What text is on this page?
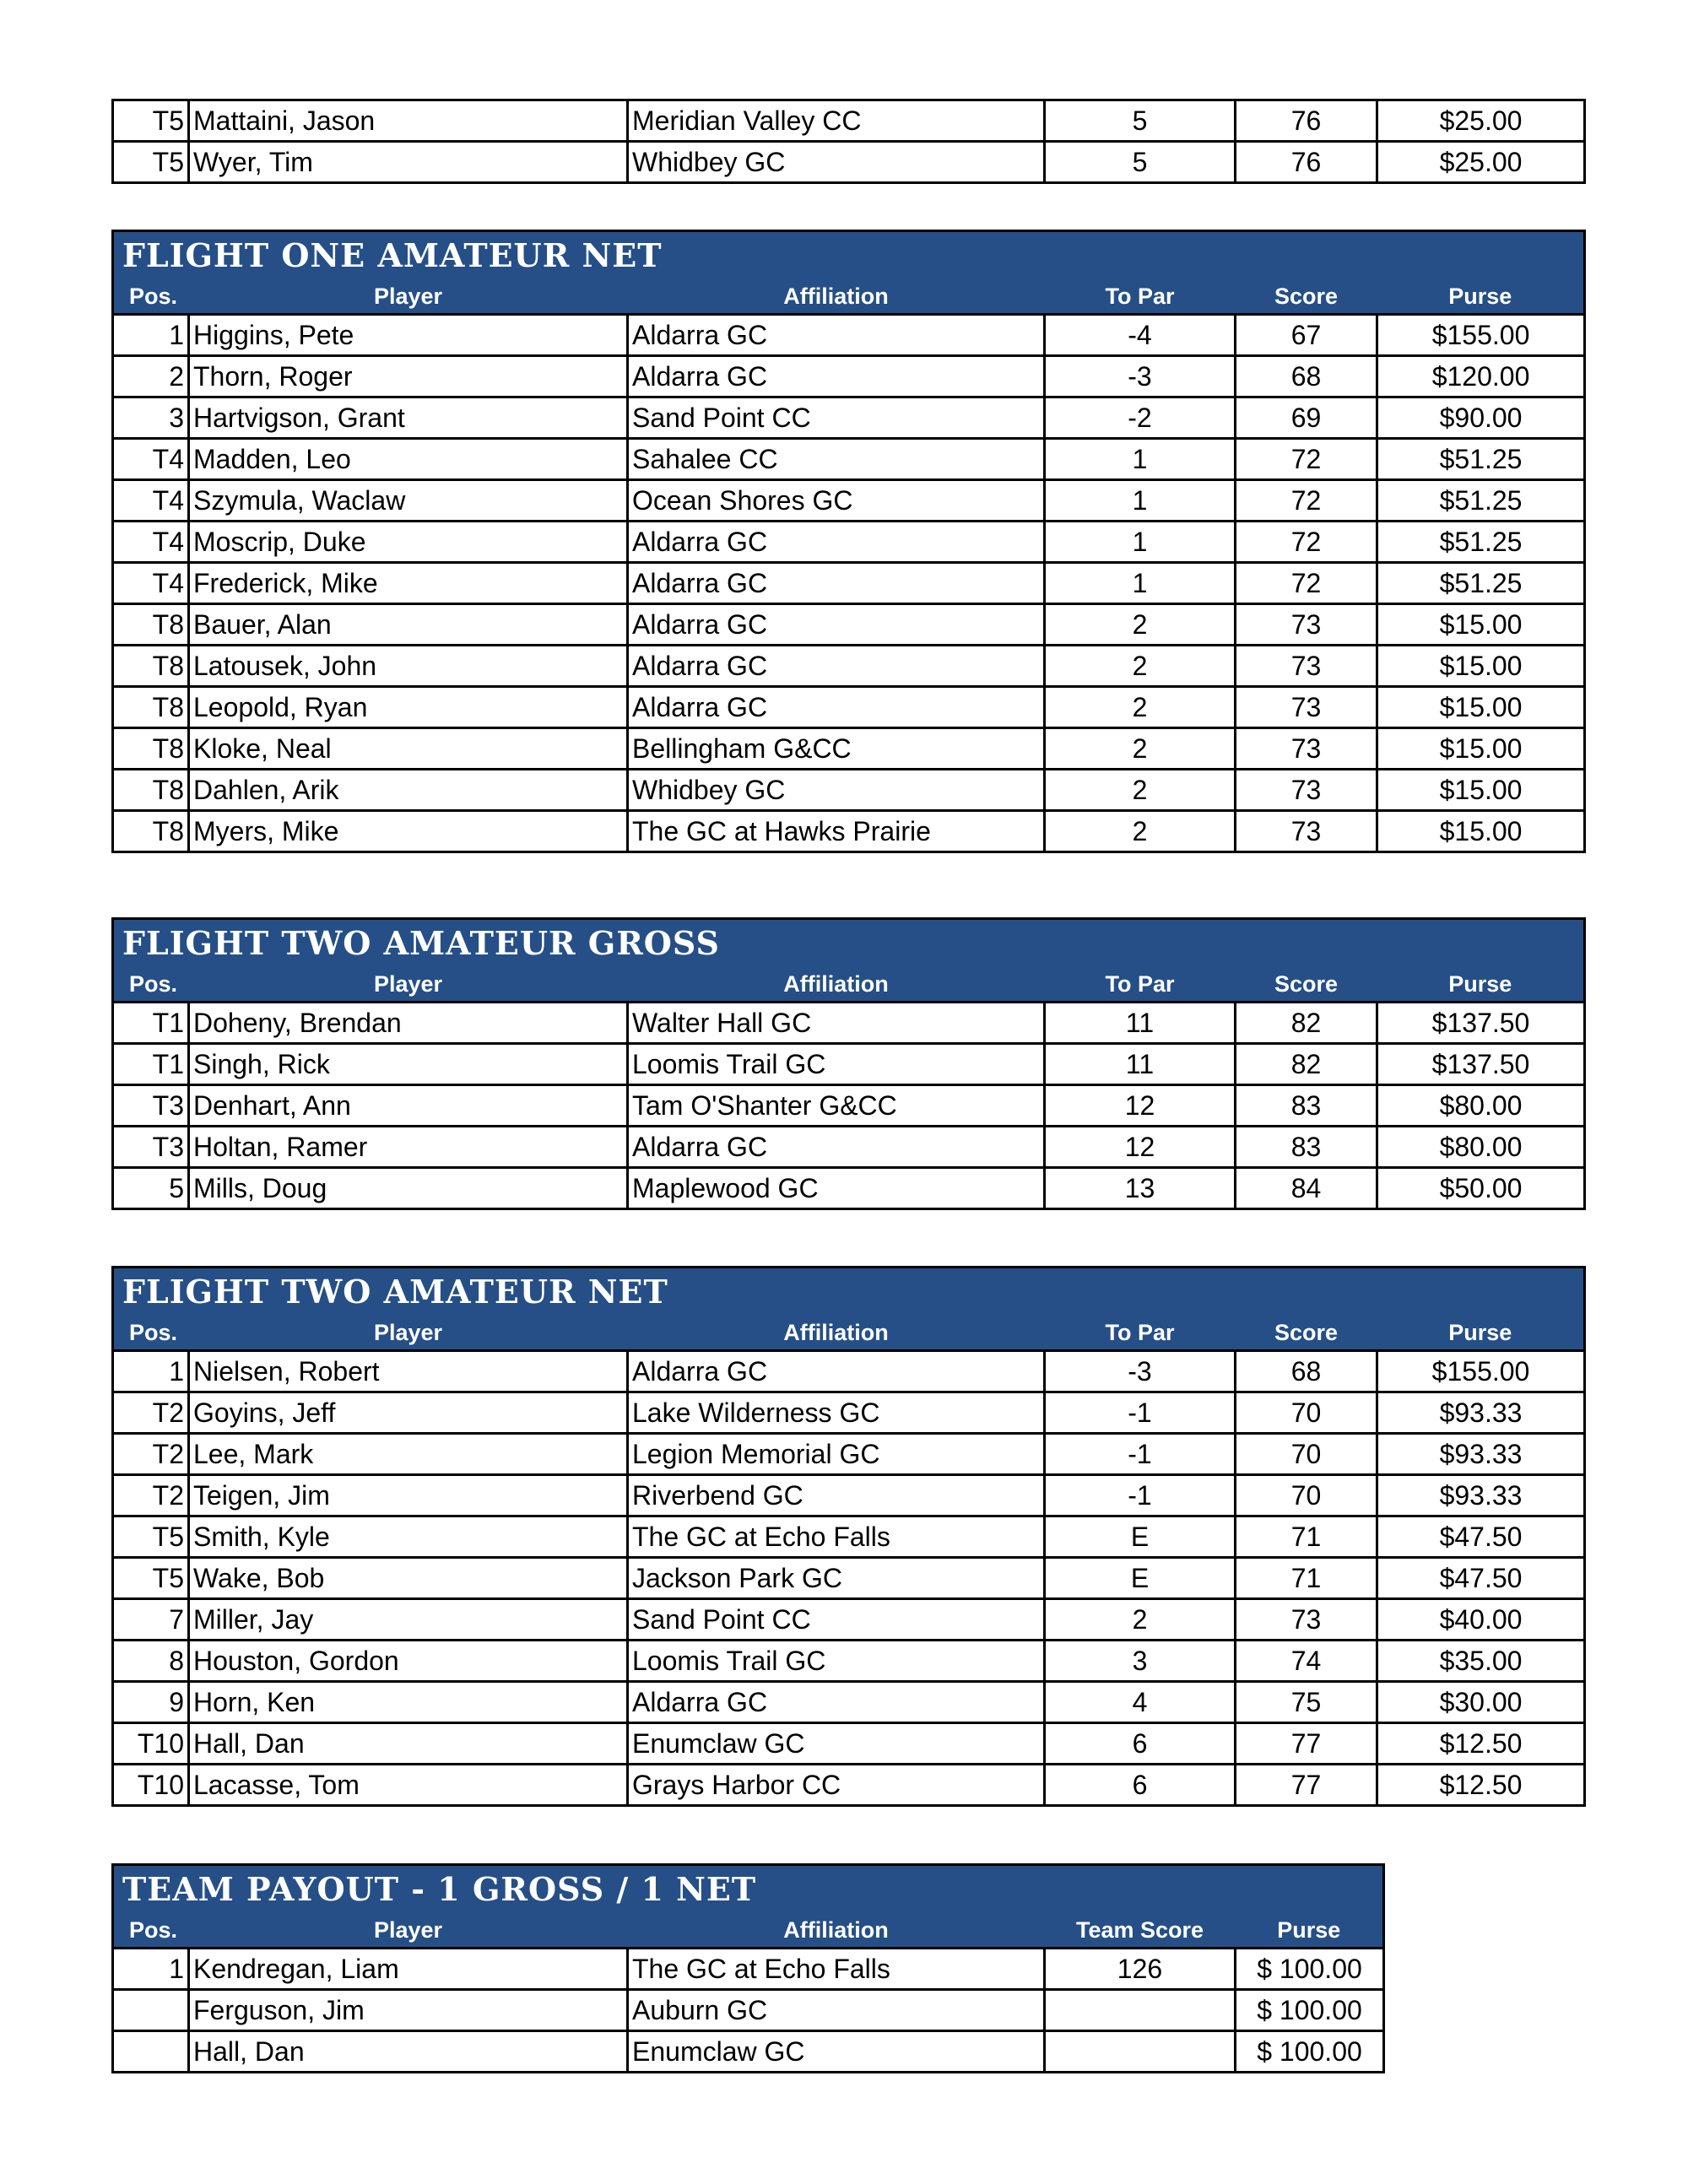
T5	Mattaini, Jason	Meridian Valley CC	5	76	$25.00
T5	Wyer, Tim	Whidbey GC	5	76	$25.00
FLIGHT ONE AMATEUR NET					
Pos.	Player	Affiliation	To Par	Score	Purse
1	Higgins, Pete	Aldarra GC	-4	67	$155.00
2	Thorn, Roger	Aldarra GC	-3	68	$120.00
3	Hartvigson, Grant	Sand Point CC	-2	69	$90.00
T4	Madden, Leo	Sahalee CC	1	72	$51.25
T4	Szymula, Waclaw	Ocean Shores GC	1	72	$51.25
T4	Moscrip, Duke	Aldarra GC	1	72	$51.25
T4	Frederick, Mike	Aldarra GC	1	72	$51.25
T8	Bauer, Alan	Aldarra GC	2	73	$15.00
T8	Latousek, John	Aldarra GC	2	73	$15.00
T8	Leopold, Ryan	Aldarra GC	2	73	$15.00
T8	Kloke, Neal	Bellingham G&CC	2	73	$15.00
T8	Dahlen, Arik	Whidbey GC	2	73	$15.00
T8	Myers, Mike	The GC at Hawks Prairie	2	73	$15.00
FLIGHT TWO AMATEUR GROSS					
Pos.	Player	Affiliation	To Par	Score	Purse
T1	Doheny, Brendan	Walter Hall GC	11	82	$137.50
T1	Singh, Rick	Loomis Trail GC	11	82	$137.50
T3	Denhart, Ann	Tam O'Shanter G&CC	12	83	$80.00
T3	Holtan, Ramer	Aldarra GC	12	83	$80.00
5	Mills, Doug	Maplewood GC	13	84	$50.00
FLIGHT TWO AMATEUR NET					
Pos.	Player	Affiliation	To Par	Score	Purse
1	Nielsen, Robert	Aldarra GC	-3	68	$155.00
T2	Goyins, Jeff	Lake Wilderness GC	-1	70	$93.33
T2	Lee, Mark	Legion Memorial GC	-1	70	$93.33
T2	Teigen, Jim	Riverbend GC	-1	70	$93.33
T5	Smith, Kyle	The GC at Echo Falls	E	71	$47.50
T5	Wake, Bob	Jackson Park GC	E	71	$47.50
7	Miller, Jay	Sand Point CC	2	73	$40.00
8	Houston, Gordon	Loomis Trail GC	3	74	$35.00
9	Horn, Ken	Aldarra GC	4	75	$30.00
T10	Hall, Dan	Enumclaw GC	6	77	$12.50
T10	Lacasse, Tom	Grays Harbor CC	6	77	$12.50
TEAM PAYOUT - 1 GROSS / 1 NET				
Pos.	Player	Affiliation	Team Score	Purse
1	Kendregan, Liam	The GC at Echo Falls	126	$ 100.00
	Ferguson, Jim	Auburn GC		$ 100.00
	Hall, Dan	Enumclaw GC		$ 100.00
